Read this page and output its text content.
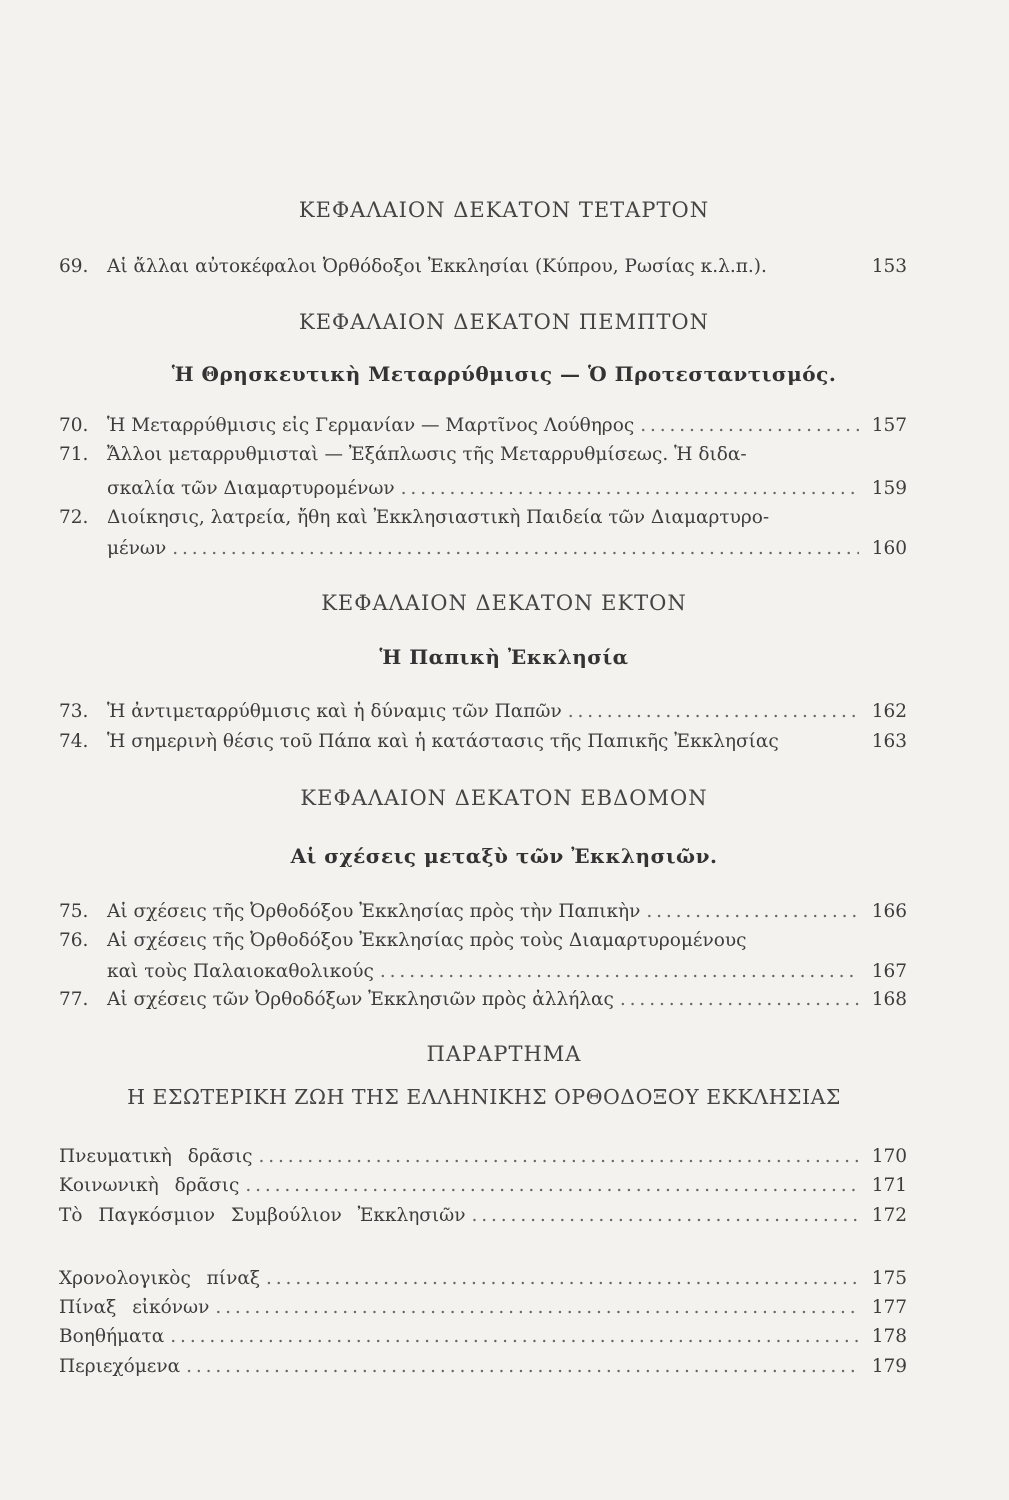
ΚΕΦΑΛΑΙΟΝ ΔΕΚΑΤΟΝ ΤΕΤΑΡΤΟΝ
69.	Αἱ ἄλλαι αὐτοκέφαλοι Ὀρθόδοξοι Ἐκκλησίαι (Κύπρου, Ρωσίας κ.λ.π.).	153
ΚΕΦΑΛΑΙΟΝ ΔΕΚΑΤΟΝ ΠΕΜΠΤΟΝ
Ἡ Θρησκευτικὴ Μεταρρύθμισις — Ὁ Προτεσταντισμός.
70.	Ἡ Μεταρρύθμισις εἰς Γερμανίαν — Μαρτῖνος Λούθηρος . . .	157
71.	Ἄλλοι μεταρρυθμισταὶ — Ἐξάπλωσις τῆς Μεταρρυθμίσεως. Ἡ διδα-
σκαλία τῶν Διαμαρτυρομένων . . .	159
72.	Διοίκησις, λατρεία, ἤθη καὶ Ἐκκλησιαστικὴ Παιδεία τῶν Διαμαρτυρο-
μένων . . .	160
ΚΕΦΑΛΑΙΟΝ ΔΕΚΑΤΟΝ ΕΚΤΟΝ
Ἡ Παπικὴ Ἐκκλησία
73.	Ἡ ἀντιμεταρρύθμισις καὶ ἡ δύναμις τῶν Παπῶν . . .	162
74.	Ἡ σημερινὴ θέσις τοῦ Πάπα καὶ ἡ κατάστασις τῆς Παπικῆς Ἐκκλησίας	163
ΚΕΦΑΛΑΙΟΝ ΔΕΚΑΤΟΝ ΕΒΔΟΜΟΝ
Αἱ σχέσεις μεταξὺ τῶν Ἐκκλησιῶν.
75.	Αἱ σχέσεις τῆς Ὀρθοδόξου Ἐκκλησίας πρὸς τὴν Παπικὴν . . .	166
76.	Αἱ σχέσεις τῆς Ὀρθοδόξου Ἐκκλησίας πρὸς τοὺς Διαμαρτυρομένους
καὶ τοὺς Παλαιοκαθολικούς . . .	167
77.	Αἱ σχέσεις τῶν Ὀρθοδόξων Ἐκκλησιῶν πρὸς ἀλλήλας . . .	168
ΠΑΡΑΡΤΗΜΑ
Η ΕΣΩΤΕΡΙΚΗ ΖΩΗ ΤΗΣ ΕΛΛΗΝΙΚΗΣ ΟΡΘΟΔΟΞΟΥ ΕΚΚΛΗΣΙΑΣ
Πνευματικὴ δρᾶσις . . .	170
Κοινωνικὴ δρᾶσις . . .	171
Τὸ Παγκόσμιον Συμβούλιον Ἐκκλησιῶν . . .	172
Χρονολογικὸς πίναξ . . .	175
Πίναξ εἰκόνων . . .	177
Βοηθήματα . . .	178
Περιεχόμενα . . .	179
